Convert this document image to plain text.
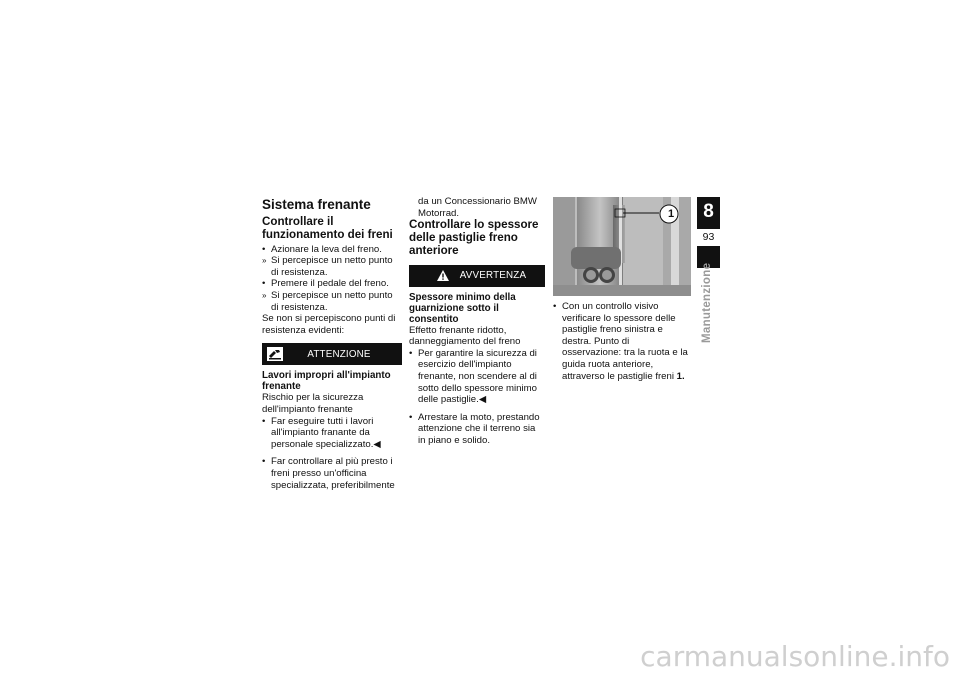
Sistema frenante
Controllare il funzionamento dei freni
• Azionare la leva del freno.
» Si percepisce un netto punto di resistenza.
• Premere il pedale del freno.
» Si percepisce un netto punto di resistenza.

Se non si percepiscono punti di resistenza evidenti:

ATTENZIONE
Lavori impropri all'impianto frenante

Rischio per la sicurezza dell'impianto frenante

• Far eseguire tutti i lavori all'impianto franante da personale specializzato.◀
• Far controllare al più presto i freni presso un'officina specializzata, preferibilmente
da un Concessionario BMW Motorrad.
Controllare lo spessore delle pastiglie freno anteriore
AVVERTENZA
Spessore minimo della guarnizione sotto il consentito

Effetto frenante ridotto, danneggiamento del freno

• Per garantire la sicurezza di esercizio dell'impianto frenante, non scendere al di sotto dello spessore minimo delle pastiglie.◀
• Arrestare la moto, prestando attenzione che il terreno sia in piano e solido.
1
• Con un controllo visivo verificare lo spessore delle pastiglie freno sinistra e destra. Punto di osservazione: tra la ruota e la guida ruota anteriore, attraverso le pastiglie freni 1.
8
93
Manutenzione
carmanualsonline.info
